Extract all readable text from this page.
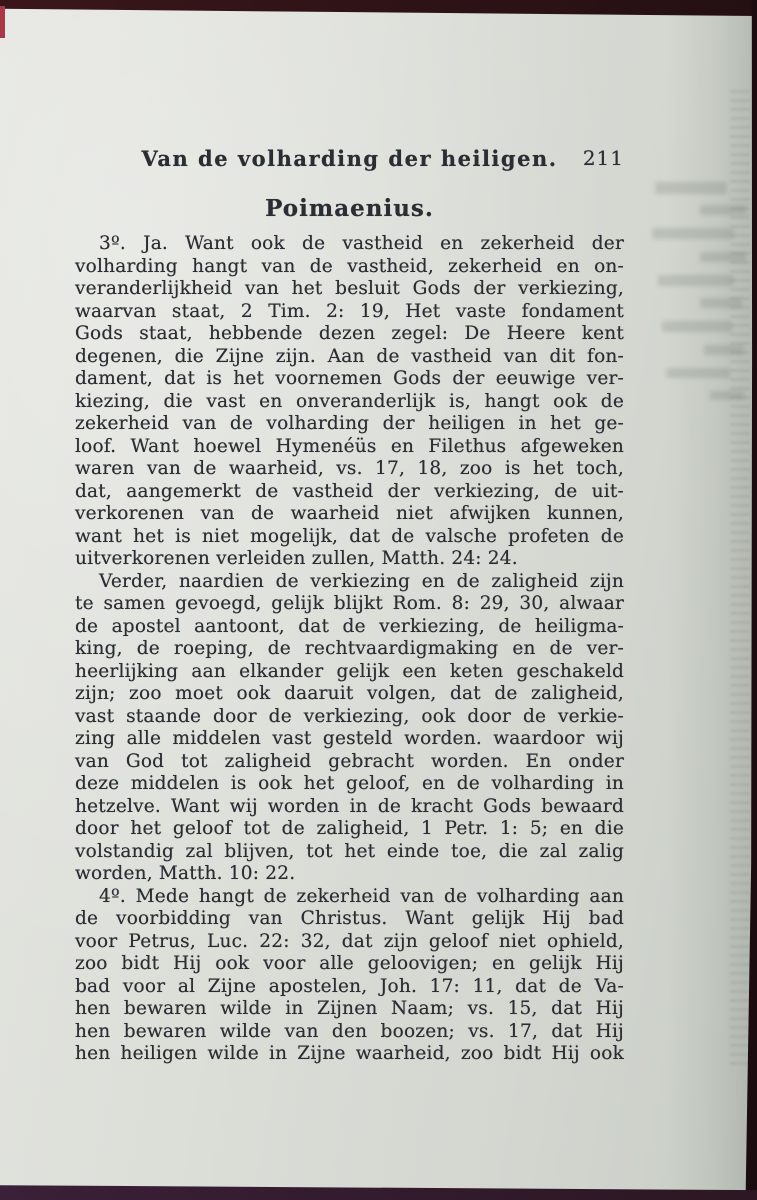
Van de volharding der heiligen.	211
Poimaenius.
3º. Ja. Want ook de vastheid en zekerheid der
volharding hangt van de vastheid, zekerheid en on-
veranderlijkheid van het besluit Gods der verkiezing,
waarvan staat, 2 Tim. 2: 19, Het vaste fondament
Gods staat, hebbende dezen zegel: De Heere kent
degenen, die Zijne zijn. Aan de vastheid van dit fon-
dament, dat is het voornemen Gods der eeuwige ver-
kiezing, die vast en onveranderlijk is, hangt ook de
zekerheid van de volharding der heiligen in het ge-
loof. Want hoewel Hymenéüs en Filethus afgeweken
waren van de waarheid, vs. 17, 18, zoo is het toch,
dat, aangemerkt de vastheid der verkiezing, de uit-
verkorenen van de waarheid niet afwijken kunnen,
want het is niet mogelijk, dat de valsche profeten de
uitverkorenen verleiden zullen, Matth. 24: 24.
Verder, naardien de verkiezing en de zaligheid zijn
te samen gevoegd, gelijk blijkt Rom. 8: 29, 30, alwaar
de apostel aantoont, dat de verkiezing, de heiligma-
king, de roeping, de rechtvaardigmaking en de ver-
heerlijking aan elkander gelijk een keten geschakeld
zijn; zoo moet ook daaruit volgen, dat de zaligheid,
vast staande door de verkiezing, ook door de verkie-
zing alle middelen vast gesteld worden. waardoor wij
van God tot zaligheid gebracht worden. En onder
deze middelen is ook het geloof, en de volharding in
hetzelve. Want wij worden in de kracht Gods bewaard
door het geloof tot de zaligheid, 1 Petr. 1: 5; en die
volstandig zal blijven, tot het einde toe, die zal zalig
worden, Matth. 10: 22.
4º. Mede hangt de zekerheid van de volharding aan
de voorbidding van Christus. Want gelijk Hij bad
voor Petrus, Luc. 22: 32, dat zijn geloof niet ophield,
zoo bidt Hij ook voor alle geloovigen; en gelijk Hij
bad voor al Zijne apostelen, Joh. 17: 11, dat de Va-
hen bewaren wilde in Zijnen Naam; vs. 15, dat Hij
hen bewaren wilde van den boozen; vs. 17, dat Hij
hen heiligen wilde in Zijne waarheid, zoo bidt Hij ook
